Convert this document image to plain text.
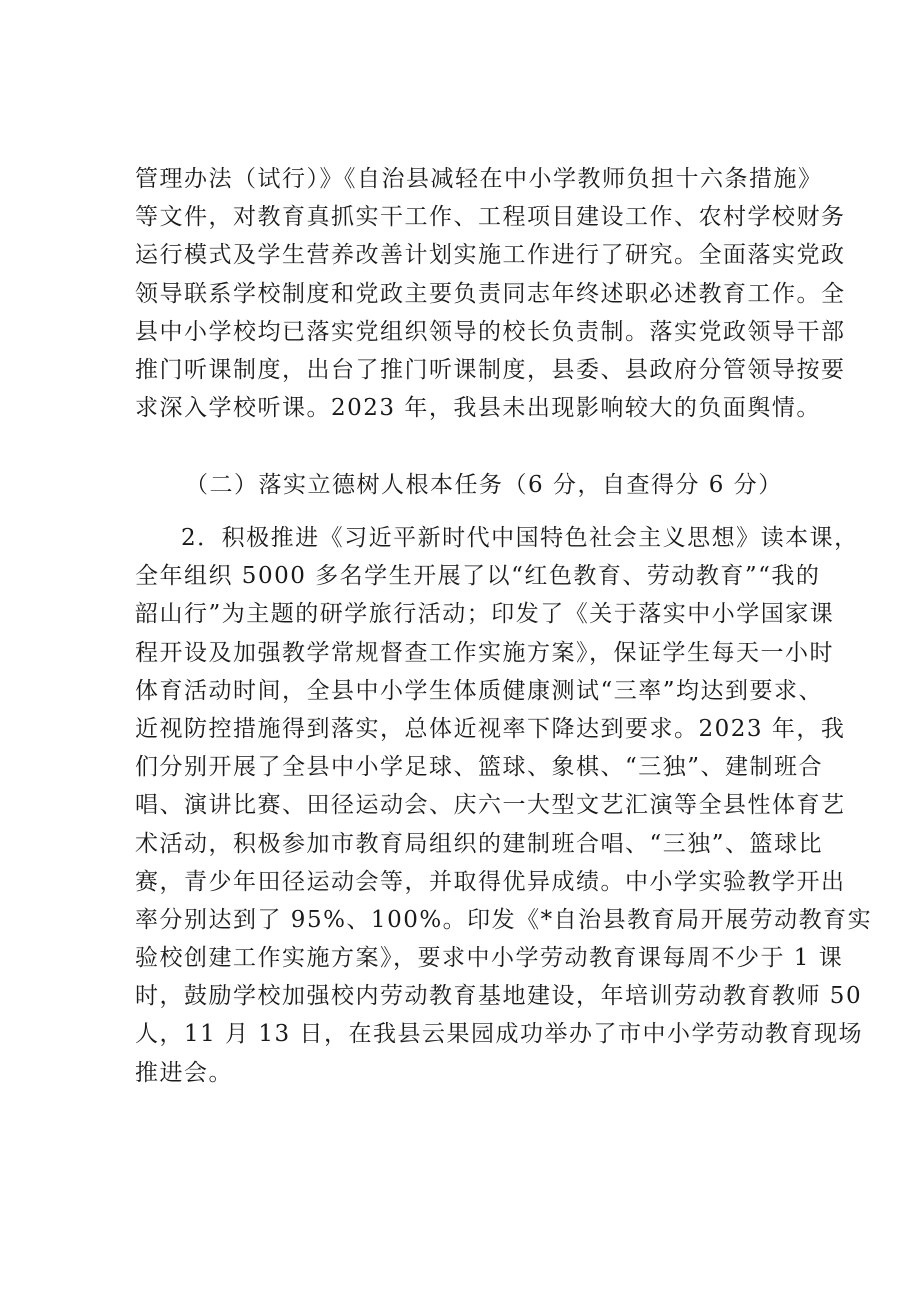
管理办法（试行）》《自治县减轻在中小学教师负担十六条措施》
等文件，对教育真抓实干工作、工程项目建设工作、农村学校财务
运行模式及学生营养改善计划实施工作进行了研究。全面落实党政
领导联系学校制度和党政主要负责同志年终述职必述教育工作。全
县中小学校均已落实党组织领导的校长负责制。落实党政领导干部
推门听课制度，出台了推门听课制度，县委、县政府分管领导按要
求深入学校听课。2023 年，我县未出现影响较大的负面舆情。
（二）落实立德树人根本任务（6 分，自查得分 6 分）
2．积极推进《习近平新时代中国特色社会主义思想》读本课，
全年组织 5000 多名学生开展了以“红色教育、劳动教育”“我的
韶山行”为主题的研学旅行活动；印发了《关于落实中小学国家课
程开设及加强教学常规督查工作实施方案》，保证学生每天一小时
体育活动时间，全县中小学生体质健康测试“三率”均达到要求、
近视防控措施得到落实，总体近视率下降达到要求。2023 年，我
们分别开展了全县中小学足球、篮球、象棋、“三独”、建制班合
唱、演讲比赛、田径运动会、庆六一大型文艺汇演等全县性体育艺
术活动，积极参加市教育局组织的建制班合唱、“三独”、篮球比
赛，青少年田径运动会等，并取得优异成绩。中小学实验教学开出
率分别达到了 95%、100%。印发《*自治县教育局开展劳动教育实
验校创建工作实施方案》，要求中小学劳动教育课每周不少于 1 课
时，鼓励学校加强校内劳动教育基地建设，年培训劳动教育教师 50
人，11 月 13 日，在我县云果园成功举办了市中小学劳动教育现场
推进会。
